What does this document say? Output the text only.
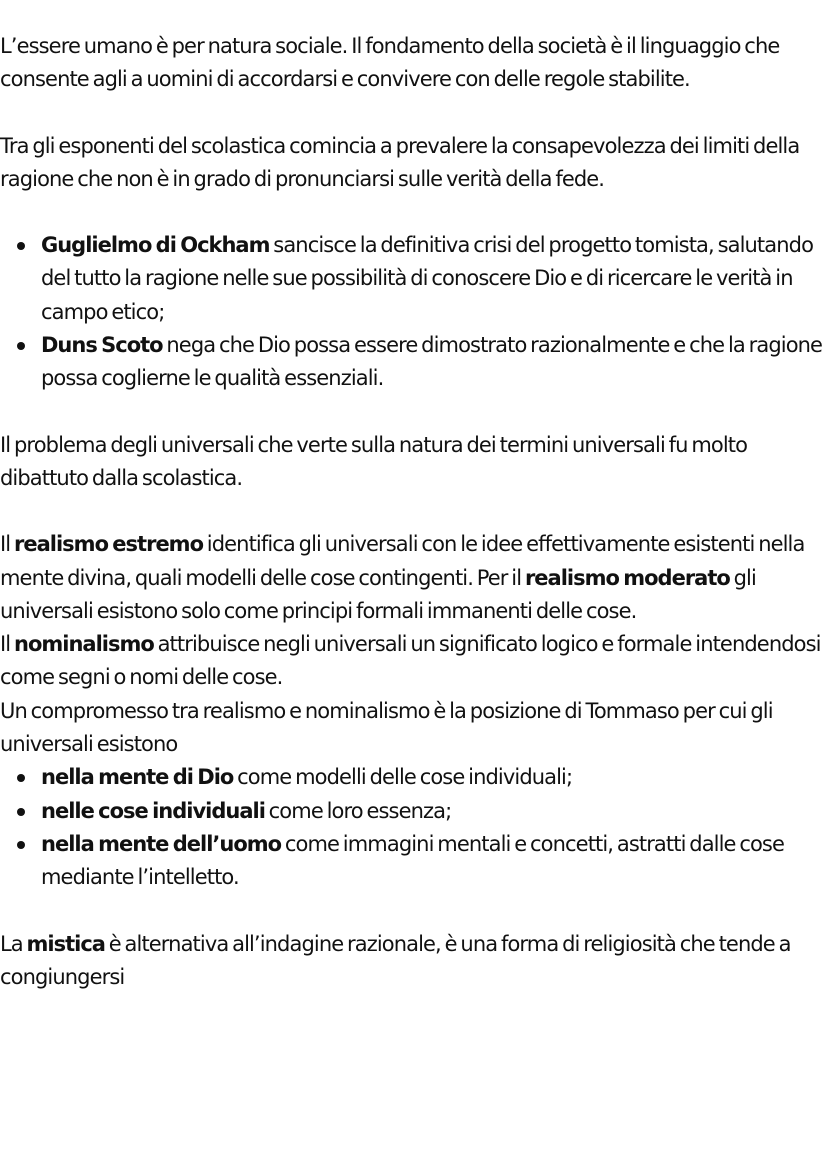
L’essere umano è per natura sociale. Il fondamento della società è il linguaggio che consente agli a uomini di accordarsi e convivere con delle regole stabilite.

Tra gli esponenti del scolastica comincia a prevalere la consapevolezza dei limiti della ragione che non è in grado di pronunciarsi sulle verità della fede.

Guglielmo di Ockham sancisce la definitiva crisi del progetto tomista, salutando del tutto la ragione nelle sue possibilità di conoscere Dio e di ricercare le verità in campo etico;
Duns Scoto nega che Dio possa essere dimostrato razionalmente e che la ragione possa coglierne le qualità essenziali.

Il problema degli universali che verte sulla natura dei termini universali fu molto dibattuto dalla scolastica.

Il realismo estremo identifica gli universali con le idee effettivamente esistenti nella mente divina, quali modelli delle cose contingenti. Per il realismo moderato gli universali esistono solo come principi formali immanenti delle cose.

Il nominalismo attribuisce negli universali un significato logico e formale intendendosi come segni o nomi delle cose.

Un compromesso tra realismo e nominalismo è la posizione di Tommaso per cui gli universali esistono

nella mente di Dio come modelli delle cose individuali;
nelle cose individuali come loro essenza;
nella mente dell’uomo come immagini mentali e concetti, astratti dalle cose mediante l’intelletto.

La mistica è alternativa all’indagine razionale, è una forma di religiosità che tende a congiungersi
